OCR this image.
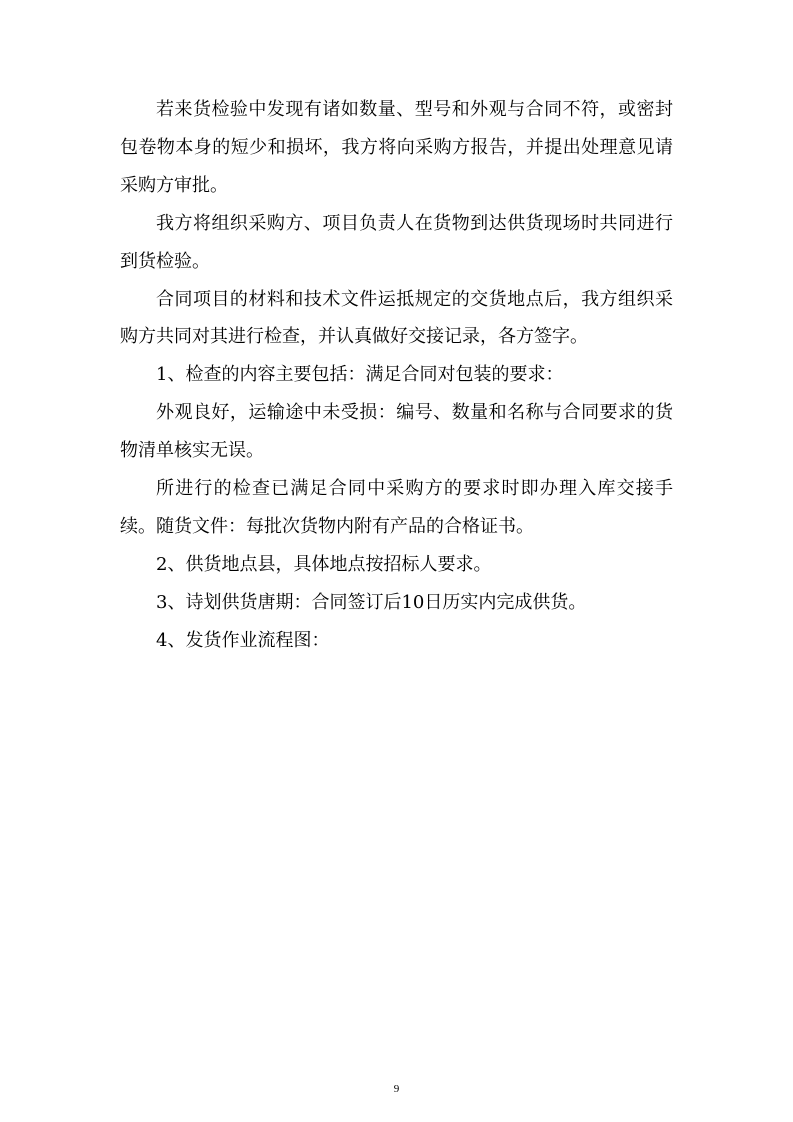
若来货检验中发现有诸如数量、型号和外观与合同不符，或密封包卷物本身的短少和损坏，我方将向采购方报告，并提出处理意见请采购方审批。

我方将组织采购方、项目负责人在货物到达供货现场时共同进行到货检验。

合同项目的材料和技术文件运抵规定的交货地点后，我方组织采购方共同对其进行检查，并认真做好交接记录，各方签字。

1、检查的内容主要包括：满足合同对包装的要求：

外观良好，运输途中未受损：编号、数量和名称与合同要求的货物清单核实无误。

所进行的检查已满足合同中采购方的要求时即办理入库交接手续。随货文件：每批次货物内附有产品的合格证书。

2、供货地点县，具体地点按招标人要求。

3、诗划供货唐期：合同签订后10日历实内完成供货。

4、发货作业流程图：

9
